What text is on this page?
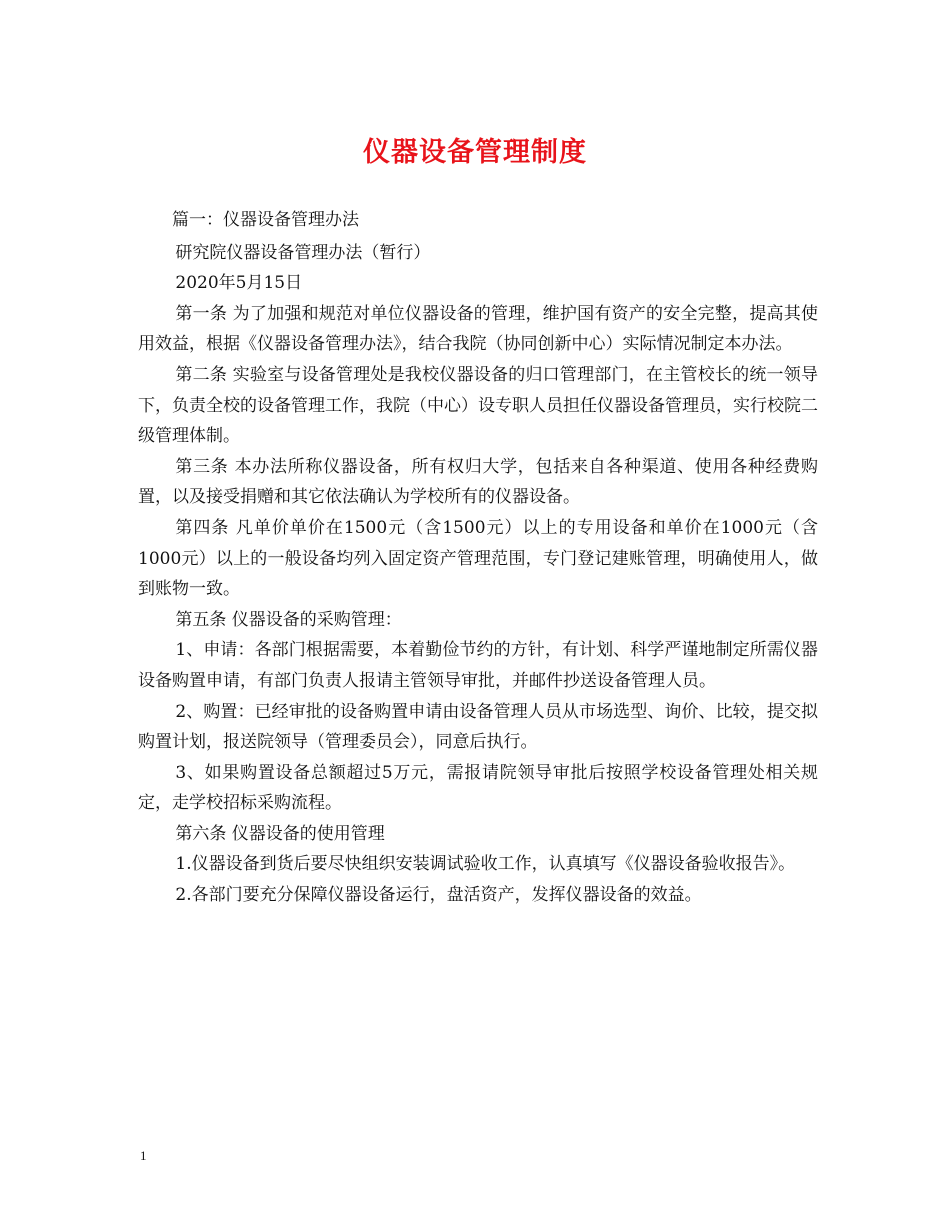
仪器设备管理制度

篇一：仪器设备管理办法

研究院仪器设备管理办法（暂行）

2020年5月15日

第一条 为了加强和规范对单位仪器设备的管理，维护国有资产的安全完整，提高其使用效益，根据《仪器设备管理办法》，结合我院（协同创新中心）实际情况制定本办法。

第二条 实验室与设备管理处是我校仪器设备的归口管理部门，在主管校长的统一领导下，负责全校的设备管理工作，我院（中心）设专职人员担任仪器设备管理员，实行校院二级管理体制。

第三条 本办法所称仪器设备，所有权归大学，包括来自各种渠道、使用各种经费购置，以及接受捐赠和其它依法确认为学校所有的仪器设备。

第四条 凡单价单价在1500元（含1500元）以上的专用设备和单价在1000元（含1000元）以上的一般设备均列入固定资产管理范围，专门登记建账管理，明确使用人，做到账物一致。

第五条 仪器设备的采购管理：

1、申请：各部门根据需要，本着勤俭节约的方针，有计划、科学严谨地制定所需仪器设备购置申请，有部门负责人报请主管领导审批，并邮件抄送设备管理人员。

2、购置：已经审批的设备购置申请由设备管理人员从市场选型、询价、比较，提交拟购置计划，报送院领导（管理委员会），同意后执行。

3、如果购置设备总额超过5万元，需报请院领导审批后按照学校设备管理处相关规定，走学校招标采购流程。

第六条 仪器设备的使用管理

1.仪器设备到货后要尽快组织安装调试验收工作，认真填写《仪器设备验收报告》。

2.各部门要充分保障仪器设备运行，盘活资产，发挥仪器设备的效益。

1
